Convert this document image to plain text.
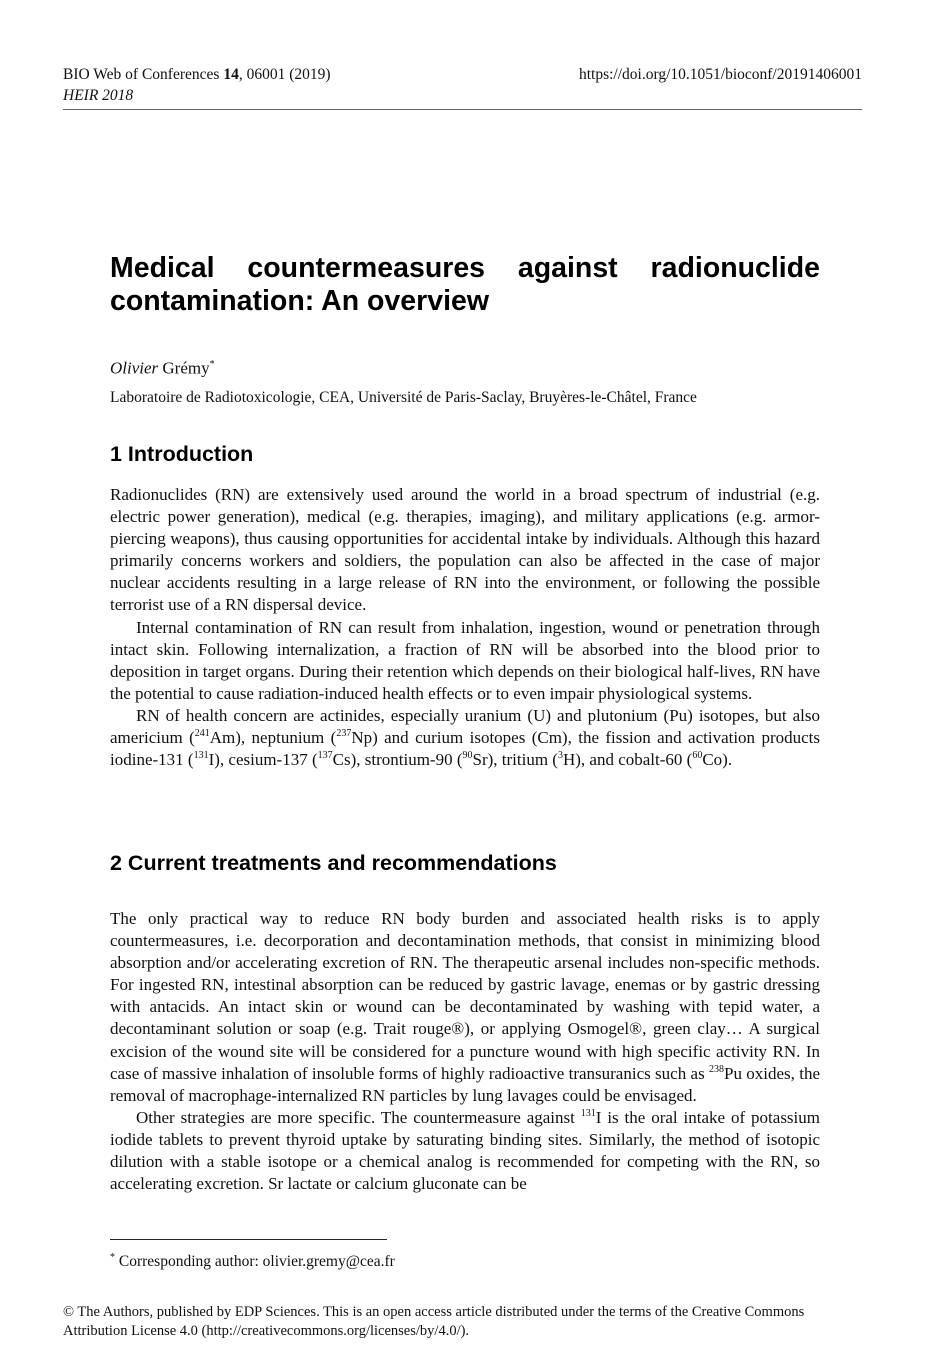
BIO Web of Conferences 14, 06001 (2019)
HEIR 2018
https://doi.org/10.1051/bioconf/20191406001
Medical countermeasures against radionuclide contamination: An overview
Olivier Grémy*
Laboratoire de Radiotoxicologie, CEA, Université de Paris-Saclay, Bruyères-le-Châtel, France
1 Introduction

Radionuclides (RN) are extensively used around the world in a broad spectrum of industrial (e.g. electric power generation), medical (e.g. therapies, imaging), and military applications (e.g. armor-piercing weapons), thus causing opportunities for accidental intake by individuals. Although this hazard primarily concerns workers and soldiers, the population can also be affected in the case of major nuclear accidents resulting in a large release of RN into the environment, or following the possible terrorist use of a RN dispersal device.

Internal contamination of RN can result from inhalation, ingestion, wound or penetration through intact skin. Following internalization, a fraction of RN will be absorbed into the blood prior to deposition in target organs. During their retention which depends on their biological half-lives, RN have the potential to cause radiation-induced health effects or to even impair physiological systems.

RN of health concern are actinides, especially uranium (U) and plutonium (Pu) isotopes, but also americium ($^{241}$Am), neptunium ($^{237}$Np) and curium isotopes (Cm), the fission and activation products iodine-131 ($^{131}$I), cesium-137 ($^{137}$Cs), strontium-90 ($^{90}$Sr), tritium ($^3$H), and cobalt-60 ($^{60}$Co).

2 Current treatments and recommendations

The only practical way to reduce RN body burden and associated health risks is to apply countermeasures, i.e. decorporation and decontamination methods, that consist in minimizing blood absorption and/or accelerating excretion of RN. The therapeutic arsenal includes non-specific methods. For ingested RN, intestinal absorption can be reduced by gastric lavage, enemas or by gastric dressing with antacids. An intact skin or wound can be decontaminated by washing with tepid water, a decontaminant solution or soap (e.g. Trait rouge®), or applying Osmogel®, green clay… A surgical excision of the wound site will be considered for a puncture wound with high specific activity RN. In case of massive inhalation of insoluble forms of highly radioactive transuranics such as $^{238}$Pu oxides, the removal of macrophage-internalized RN particles by lung lavages could be envisaged.

Other strategies are more specific. The countermeasure against $^{131}$I is the oral intake of potassium iodide tablets to prevent thyroid uptake by saturating binding sites. Similarly, the method of isotopic dilution with a stable isotope or a chemical analog is recommended for competing with the RN, so accelerating excretion. Sr lactate or calcium gluconate can be

* Corresponding author: olivier.gremy@cea.fr
© The Authors, published by EDP Sciences. This is an open access article distributed under the terms of the Creative Commons Attribution License 4.0 (http://creativecommons.org/licenses/by/4.0/).
